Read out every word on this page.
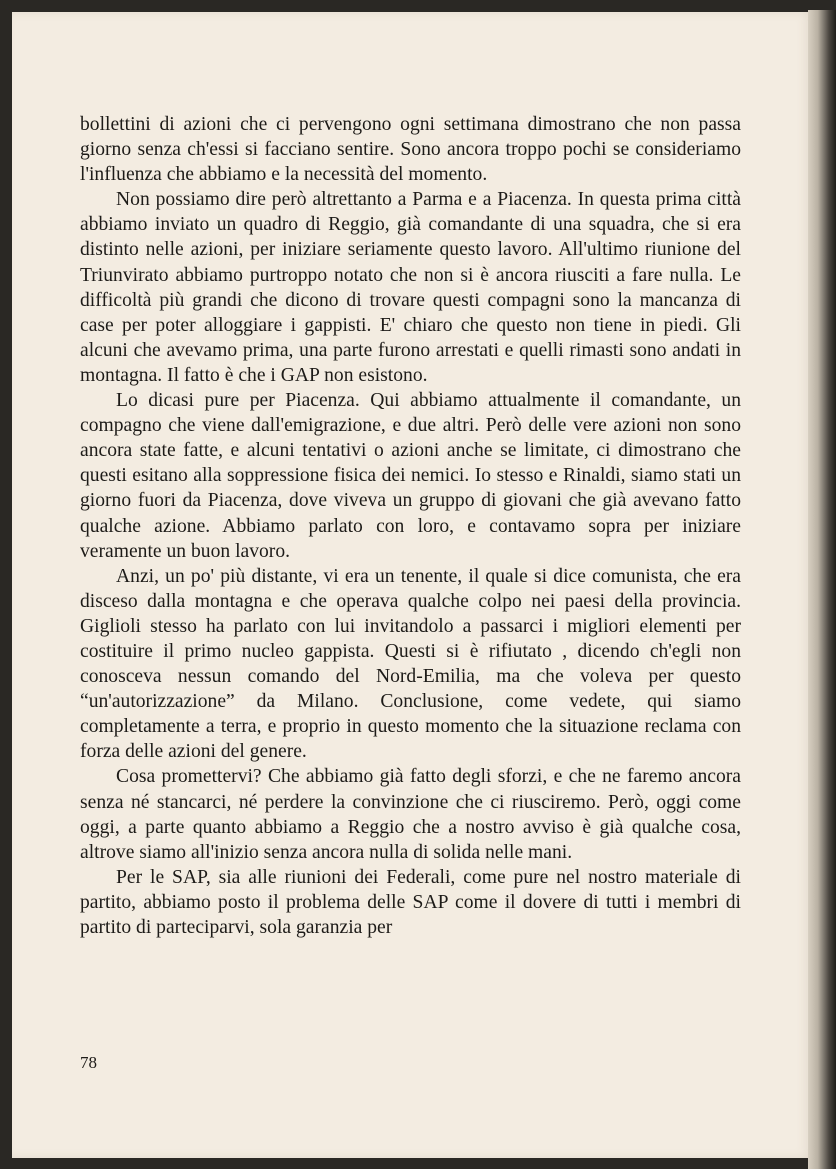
bollettini di azioni che ci pervengono ogni settimana dimostrano che non passa giorno senza ch'essi si facciano sentire. Sono ancora troppo pochi se consideriamo l'influenza che abbiamo e la necessità del momento.

Non possiamo dire però altrettanto a Parma e a Piacenza. In questa prima città abbiamo inviato un quadro di Reggio, già comandante di una squadra, che si era distinto nelle azioni, per iniziare seriamente questo lavoro. All'ultimo riunione del Triunvirato abbiamo purtroppo notato che non si è ancora riusciti a fare nulla. Le difficoltà più grandi che dicono di trovare questi compagni sono la mancanza di case per poter alloggiare i gappisti. E' chiaro che questo non tiene in piedi. Gli alcuni che avevamo prima, una parte furono arrestati e quelli rimasti sono andati in montagna. Il fatto è che i GAP non esistono.

Lo dicasi pure per Piacenza. Qui abbiamo attualmente il comandante, un compagno che viene dall'emigrazione, e due altri. Però delle vere azioni non sono ancora state fatte, e alcuni tentativi o azioni anche se limitate, ci dimostrano che questi esitano alla soppressione fisica dei nemici. Io stesso e Rinaldi, siamo stati un giorno fuori da Piacenza, dove viveva un gruppo di giovani che già avevano fatto qualche azione. Abbiamo parlato con loro, e contavamo sopra per iniziare veramente un buon lavoro.

Anzi, un po' più distante, vi era un tenente, il quale si dice comunista, che era disceso dalla montagna e che operava qualche colpo nei paesi della provincia. Giglioli stesso ha parlato con lui invitandolo a passarci i migliori elementi per costituire il primo nucleo gappista. Questi si è rifiutato , dicendo ch'egli non conosceva nessun comando del Nord-Emilia, ma che voleva per questo “un'autorizzazione” da Milano. Conclusione, come vedete, qui siamo completamente a terra, e proprio in questo momento che la situazione reclama con forza delle azioni del genere.

Cosa promettervi? Che abbiamo già fatto degli sforzi, e che ne faremo ancora senza né stancarci, né perdere la convinzione che ci riusciremo. Però, oggi come oggi, a parte quanto abbiamo a Reggio che a nostro avviso è già qualche cosa, altrove siamo all'inizio senza ancora nulla di solida nelle mani.

Per le SAP, sia alle riunioni dei Federali, come pure nel nostro materiale di partito, abbiamo posto il problema delle SAP come il dovere di tutti i membri di partito di parteciparvi, sola garanzia per

78
